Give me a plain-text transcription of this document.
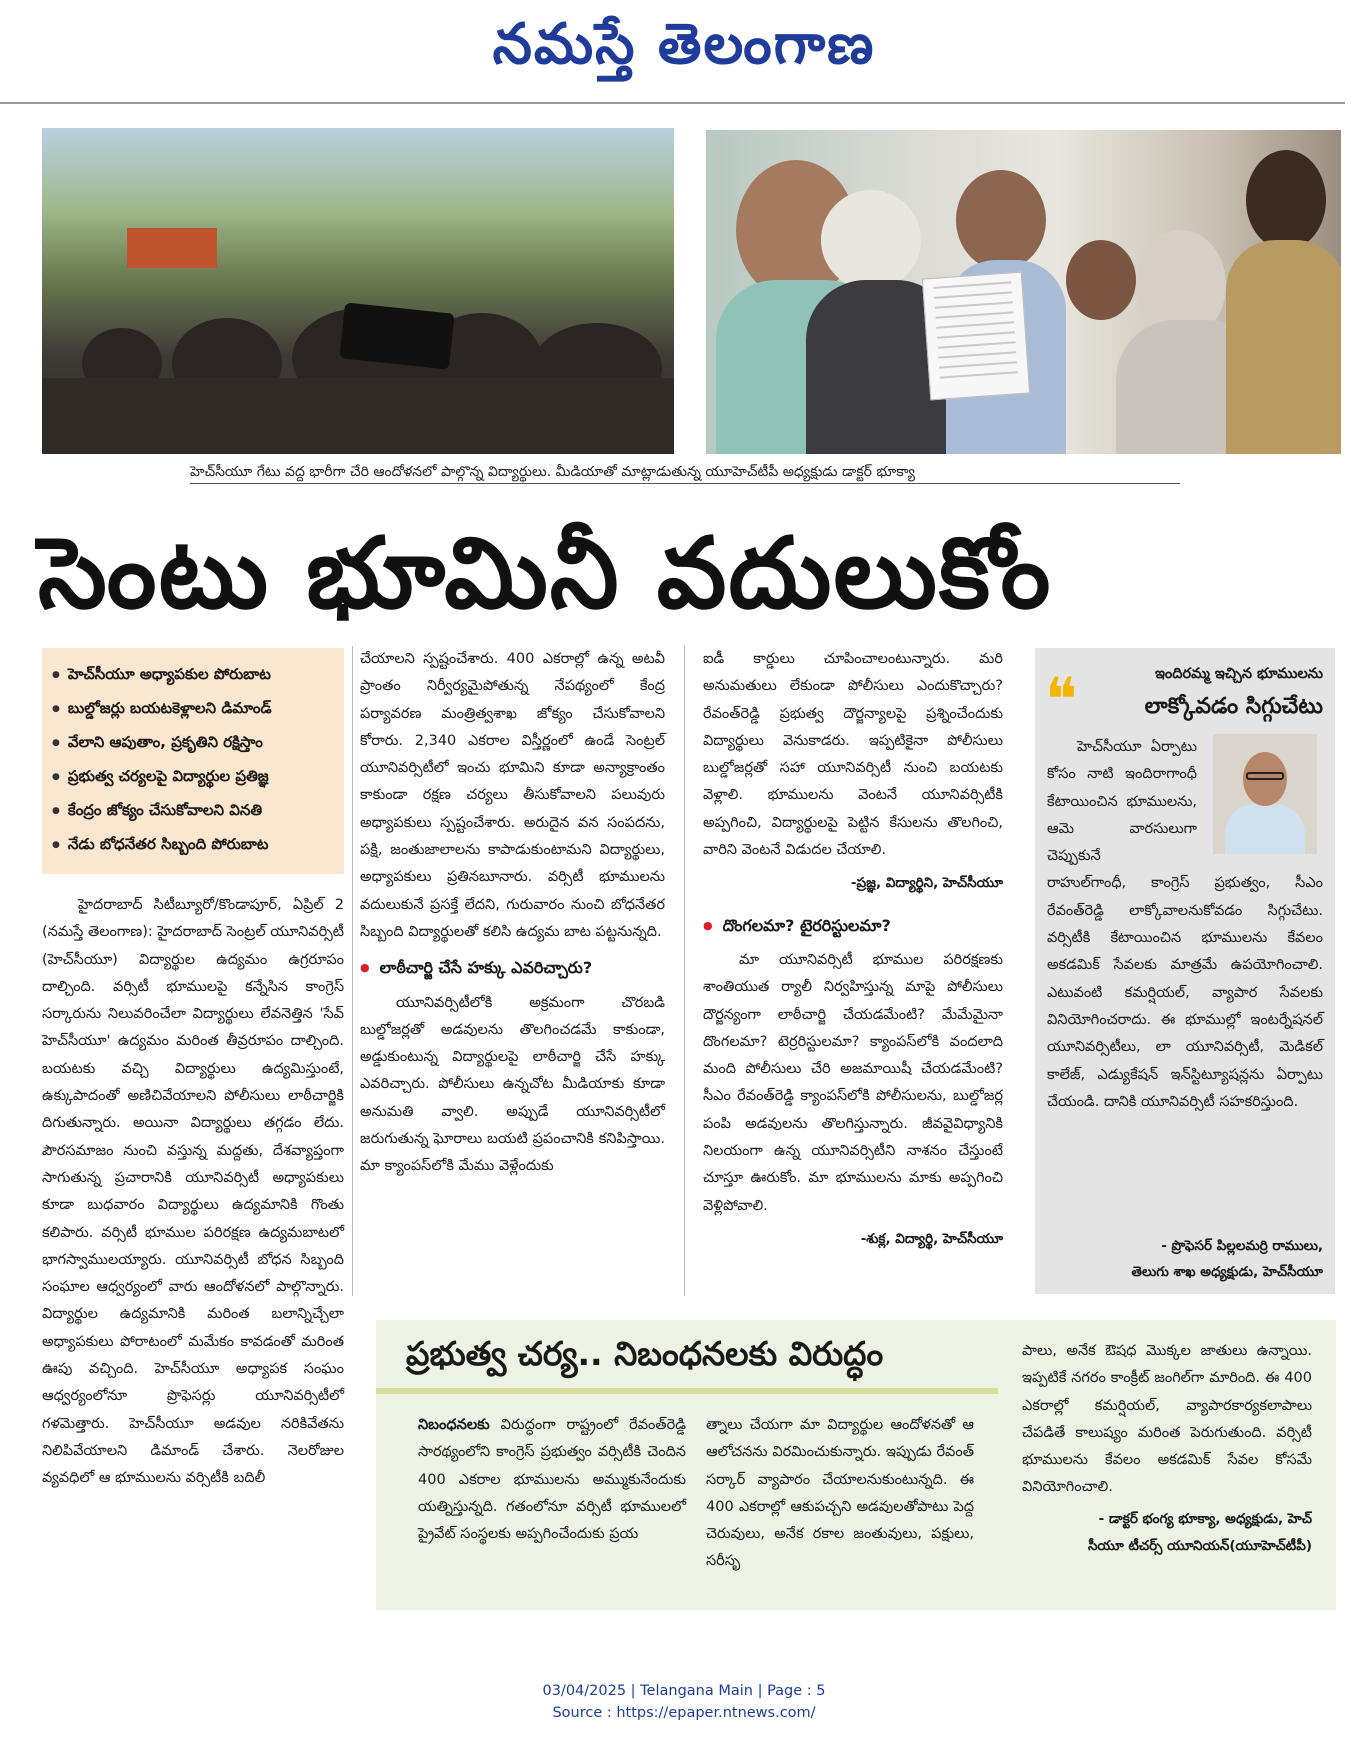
నమస్తే తెలంగాణ
హెచ్‌సీయూ గేటు వద్ద భారీగా చేరి ఆందోళనలో పాల్గొన్న విద్యార్థులు. మీడియాతో మాట్లాడుతున్న యూహెచ్‌టీపీ అధ్యక్షుడు డాక్టర్ భూక్యా
సెంటు భూమినీ వదులుకోం
● హెచ్‌సీయూ అధ్యాపకుల పోరుబాట
● బుల్డోజర్లు బయటకెళ్లాలని డిమాండ్
● వేలాని ఆపుతాం, ప్రకృతిని రక్షిస్తాం
● ప్రభుత్వ చర్యలపై విద్యార్థుల ప్రతిజ్ఞ
● కేంద్రం జోక్యం చేసుకోవాలని వినతి
● నేడు బోధనేతర సిబ్బంది పోరుబాట

హైదరాబాద్ సిటీబ్యూరో/కొండాపూర్, ఏప్రిల్ 2 (నమస్తే తెలంగాణ): హైదరాబాద్ సెంట్రల్ యూనివర్సిటీ (హెచ్‌సీయూ) విద్యార్థుల ఉద్యమం ఉగ్రరూపం దాల్చింది. వర్సిటీ భూములపై కన్నేసిన కాంగ్రెస్ సర్కారును నిలువరించేలా విద్యార్థులు లేవనెత్తిన 'సేవ్ హెచ్‌సీయూ' ఉద్యమం మరింత తీవ్రరూపం దాల్చింది. బయటకు వచ్చి విద్యార్థులు ఉద్యమిస్తుంటే, ఉక్కుపాదంతో అణిచివేయాలని పోలీసులు లాఠీచార్జికి దిగుతున్నారు. అయినా విద్యార్థులు తగ్గడం లేదు. పౌరసమాజం నుంచి వస్తున్న మద్దతు, దేశవ్యాప్తంగా సాగుతున్న ప్రచారానికి యూనివర్సిటీ అధ్యాపకులు కూడా బుధవారం విద్యార్థులు ఉద్యమానికి గొంతు కలిపారు. వర్సిటీ భూముల పరిరక్షణ ఉద్యమబాటలో భాగస్వాములయ్యారు. యూనివర్సిటీ బోధన సిబ్బంది సంఘాల ఆధ్వర్యంలో వారు ఆందోళనలో పాల్గొన్నారు. విద్యార్థుల ఉద్యమానికి మరింత బలాన్నిచ్చేలా అధ్యాపకులు పోరాటంలో మమేకం కావడంతో మరింత ఊపు వచ్చింది. హెచ్‌సీయూ అధ్యాపక సంఘం ఆధ్వర్యంలోనూ ప్రొఫెసర్లు యూనివర్సిటీలో గళమెత్తారు. హెచ్‌సీయూ అడవుల నరికివేతను నిలిపివేయాలని డిమాండ్ చేశారు. నెలరోజుల వ్యవధిలో ఆ భూములను వర్సిటీకి బదిలీ

చేయాలని స్పష్టంచేశారు. 400 ఎకరాల్లో ఉన్న అటవీ ప్రాంతం నిర్వీర్యమైపోతున్న నేపథ్యంలో కేంద్ర పర్యావరణ మంత్రిత్వశాఖ జోక్యం చేసుకోవాలని కోరారు. 2,340 ఎకరాల విస్తీర్ణంలో ఉండే సెంట్రల్ యూనివర్సిటీలో ఇంచు భూమిని కూడా అన్యాక్రాంతం కాకుండా రక్షణ చర్యలు తీసుకోవాలని పలువురు అధ్యాపకులు స్పష్టంచేశారు. అరుదైన వన సంపదను, పక్షి, జంతుజాలాలను కాపాడుకుంటామని విద్యార్థులు, అధ్యాపకులు ప్రతినబూనారు. వర్సిటీ భూములను వదులుకునే ప్రసక్తే లేదని, గురువారం నుంచి బోధనేతర సిబ్బంది విద్యార్థులతో కలిసి ఉద్యమ బాట పట్టనున్నది.

● లాఠీచార్జి చేసే హక్కు ఎవరిచ్చారు?

యూనివర్సిటీలోకి అక్రమంగా చొరబడి బుల్డోజర్లతో అడవులను తొలగించడమే కాకుండా, అడ్డుకుంటున్న విద్యార్థులపై లాఠీచార్జి చేసే హక్కు ఎవరిచ్చారు. పోలీసులు ఉన్నచోట మీడియాకు కూడా అనుమతి వ్వాలి. అప్పుడే యూనివర్సిటీలో జరుగుతున్న ఘోరాలు బయటి ప్రపంచానికి కనిపిస్తాయి. మా క్యాంపస్‌లోకి మేము వెళ్లేందుకు

ఐడీ కార్డులు చూపించాలంటున్నారు. మరి అనుమతులు లేకుండా పోలీసులు ఎందుకొచ్చారు? రేవంత్‌రెడ్డి ప్రభుత్వ దౌర్జన్యాలపై ప్రశ్నించేందుకు విద్యార్థులు వెనుకాడరు. ఇప్పటికైనా పోలీసులు బుల్డోజర్లతో సహా యూనివర్సిటీ నుంచి బయటకు వెళ్లాలి. భూములను వెంటనే యూనివర్సిటీకి అప్పగించి, విద్యార్థులపై పెట్టిన కేసులను తొలగించి, వారిని వెంటనే విడుదల చేయాలి.

-ప్రజ్ఞ, విద్యార్థిని, హెచ్‌సీయూ
● దొంగలమా? టైరరిస్టులమా?

మా యూనివర్సిటీ భూముల పరిరక్షణకు శాంతియుత ర్యాలీ నిర్వహిస్తున్న మాపై పోలీసులు దౌర్జన్యంగా లాఠీచార్జి చేయడమేంటి? మేమేమైనా దొంగలమా? టెర్రరిస్టులమా? క్యాంపస్‌లోకి వందలాది మంది పోలీసులు చేరి అజమాయిషీ చేయడమేంటి? సీఎం రేవంత్‌రెడ్డి క్యాంపస్‌లోకి పోలీసులను, బుల్డోజర్ల పంపి అడవులను తొలగిస్తున్నారు. జీవవైవిధ్యానికి నిలయంగా ఉన్న యూనివర్సిటీని నాశనం చేస్తుంటే చూస్తూ ఊరుకోం. మా భూములను మాకు అప్పగించి వెళ్లిపోవాలి.

-శుక్ల, విద్యార్థి, హెచ్‌సీయూ
❝	ఇందిరమ్మ ఇచ్చిన భూములను
లాక్కోవడం సిగ్గుచేటు
హెచ్‌సీయూ ఏర్పాటు కోసం నాటి ఇందిరాగాంధీ కేటాయించిన భూములను, ఆమె వారసులుగా చెప్పుకునే
రాహుల్‌గాంధీ, కాంగ్రెస్ ప్రభుత్వం, సీఎం రేవంత్‌రెడ్డి లాక్కోవాలనుకోవడం సిగ్గుచేటు. వర్సిటీకి కేటాయించిన భూములను కేవలం అకడమిక్ సేవలకు మాత్రమే ఉపయోగించాలి. ఎటువంటి కమర్షియల్, వ్యాపార సేవలకు వినియోగించరాదు. ఈ భూముల్లో ఇంటర్నేషనల్ యూనివర్సిటీలు, లా యూనివర్సిటీ, మెడికల్ కాలేజ్, ఎడ్యుకేషన్ ఇన్‌స్టిట్యూషన్లను ఏర్పాటు చేయండి. దానికి యూనివర్సిటీ సహకరిస్తుంది.
- ప్రొఫెసర్ పిల్లలమర్రి రాములు,
తెలుగు శాఖ అధ్యక్షుడు, హెచ్‌సీయూ
ప్రభుత్వ చర్య.. నిబంధనలకు విరుద్ధం

నిబంధనలకు విరుద్ధంగా రాష్ట్రంలో రేవంత్‌రెడ్డి సారథ్యంలోని కాంగ్రెస్ ప్రభుత్వం వర్సిటీకి చెందిన 400 ఎకరాల భూములను అమ్ముకునేందుకు యత్నిస్తున్నది. గతంలోనూ వర్సిటీ భూములలో ప్రైవేట్ సంస్థలకు అప్పగించేందుకు ప్రయ

త్నాలు చేయగా మా విద్యార్థుల ఆందోళనతో ఆ ఆలోచనను విరమించుకున్నారు. ఇప్పుడు రేవంత్ సర్కార్ వ్యాపారం చేయాలనుకుంటున్నది. ఈ 400 ఎకరాల్లో ఆకుపచ్చని అడవులతోపాటు పెద్ద చెరువులు, అనేక రకాల జంతువులు, పక్షులు, సరీసృ

పాలు, అనేక ఔషధ మొక్కల జాతులు ఉన్నాయి. ఇప్పటికే నగరం కాంక్రీట్ జంగిల్‌గా మారింది. ఈ 400 ఎకరాల్లో కమర్షియల్, వ్యాపారకార్యకలాపాలు చేపడితే కాలుష్యం మరింత పెరుగుతుంది. వర్సిటీ భూములను కేవలం అకడమిక్ సేవల కోసమే వినియోగించాలి.

- డాక్టర్ భంగ్య భూక్యా, అధ్యక్షుడు, హెచ్
సీయూ టీచర్స్ యూనియన్(యూహెచ్‌టీపీ)
03/04/2025 | Telangana Main | Page : 5
Source : https://epaper.ntnews.com/
